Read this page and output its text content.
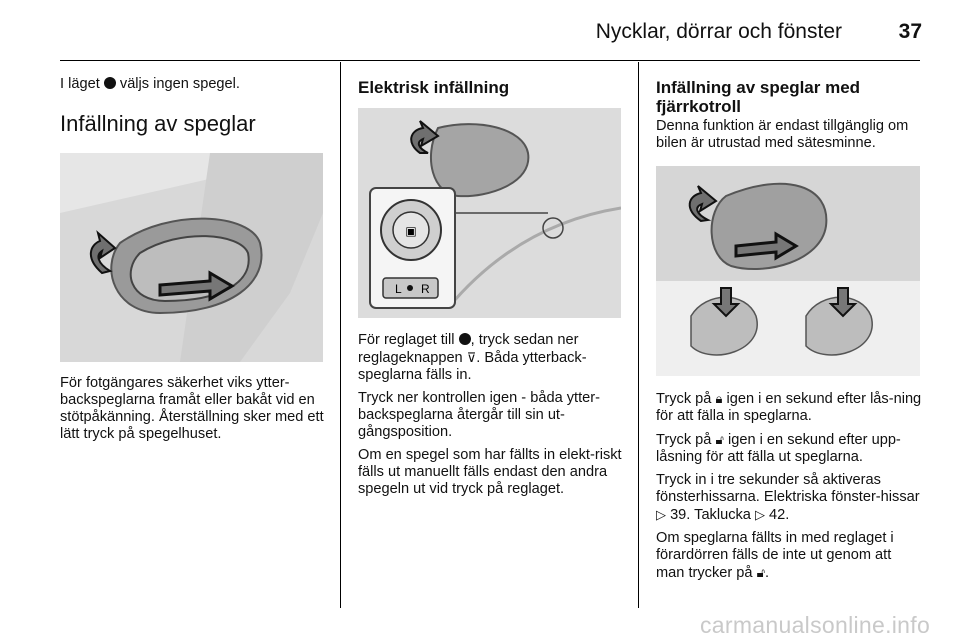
Nycklar, dörrar och fönster	37

I läget väljs ingen spegel.

Infällning av speglar

För fotgängares säkerhet viks ytter-backspeglarna framåt eller bakåt vid en stötpåkänning. Återställning sker med ett lätt tryck på spegelhuset.

Elektrisk infällning
▣
L R

För reglaget till , tryck sedan ner reglageknappen ⊽. Båda ytterback-speglarna fälls in.

Tryck ner kontrollen igen - båda ytter-backspeglarna återgår till sin ut-gångsposition.

Om en spegel som har fällts in elekt-riskt fälls ut manuellt fälls endast den andra spegeln ut vid tryck på reglaget.

Infällning av speglar med fjärrkotroll

Denna funktion är endast tillgänglig om bilen är utrustad med sätesminne.

Tryck på 🔒︎ igen i en sekund efter lås-ning för att fälla in speglarna.

Tryck på 🔓︎ igen i en sekund efter upp-låsning för att fälla ut speglarna.

Tryck in i tre sekunder så aktiveras fönsterhissarna. Elektriska fönster-hissar ▷ 39. Taklucka ▷ 42.

Om speglarna fällts in med reglaget i förardörren fälls de inte ut genom att man trycker på 🔓︎.

carmanualsonline.info
